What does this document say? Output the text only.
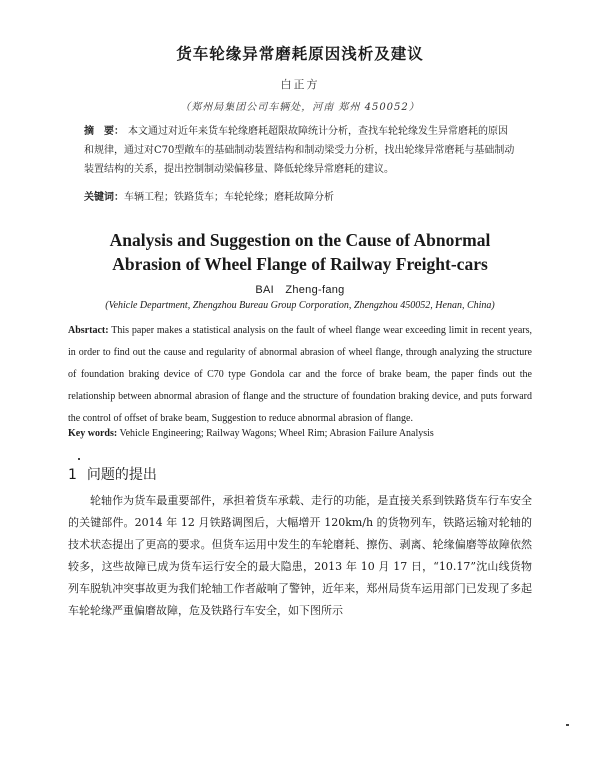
货车轮缘异常磨耗原因浅析及建议
白正方
（郑州局集团公司车辆处，河南 郑州 450052）
摘　要： 本文通过对近年来货车轮缘磨耗超限故障统计分析，查找车轮轮缘发生异常磨耗的原因和规律，通过对C70型敞车的基础制动装置结构和制动梁受力分析，找出轮缘异常磨耗与基础制动装置结构的关系，提出控制制动梁偏移量、降低轮缘异常磨耗的建议。
关键词：车辆工程；铁路货车；车轮轮缘；磨耗故障分析
Analysis and Suggestion on the Cause of Abnormal
Abrasion of Wheel Flange of Railway Freight-cars
BAI　Zheng-fang
(Vehicle Department, Zhengzhou Bureau Group Corporation, Zhengzhou 450052, Henan, China)
Absrtact: This paper makes a statistical analysis on the fault of wheel flange wear exceeding limit in recent years, in order to find out the cause and regularity of abnormal abrasion of wheel flange, through analyzing the structure of foundation braking device of C70 type Gondola car and the force of brake beam, the paper finds out the relationship between abnormal abrasion of flange and the structure of foundation braking device, and puts forward the control of offset of brake beam, Suggestion to reduce abnormal abrasion of flange.
Key words: Vehicle Engineering; Railway Wagons; Wheel Rim; Abrasion Failure Analysis
1 问题的提出
轮轴作为货车最重要部件，承担着货车承载、走行的功能，是直接关系到铁路货车行车安全的关键部件。2014 年 12 月铁路调图后，大幅增开 120km/h 的货物列车，铁路运输对轮轴的技术状态提出了更高的要求。但货车运用中发生的车轮磨耗、擦伤、剥离、轮缘偏磨等故障依然较多，这些故障已成为货车运行安全的最大隐患，2013 年 10 月 17 日，“10.17”沈山线货物列车脱轨冲突事故更为我们轮轴工作者敲响了警钟，近年来，郑州局货车运用部门已发现了多起车轮轮缘严重偏磨故障，危及铁路行车安全，如下图所示
